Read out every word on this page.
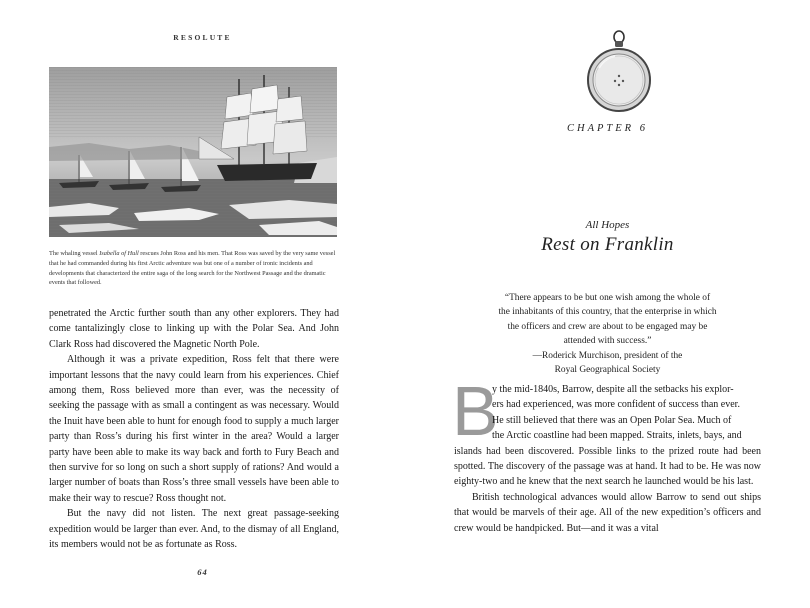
RESOLUTE
The whaling vessel Isabella of Hull rescues John Ross and his men. That Ross was saved by the very same vessel that he had commanded during his first Arctic adventure was but one of a number of ironic incidents and developments that characterized the entire saga of the long search for the Northwest Passage and the dramatic events that followed.

penetrated the Arctic further south than any other explorers. They had come tantalizingly close to linking up with the Polar Sea. And John Clark Ross had discovered the Magnetic North Pole.

Although it was a private expedition, Ross felt that there were important lessons that the navy could learn from his experiences. Chief among them, Ross believed more than ever, was the necessity of seeking the passage with as small a contingent as was necessary. Would the Inuit have been able to hunt for enough food to supply a much larger party than Ross’s during his first winter in the area? Would a larger party have been able to make its way back and forth to Fury Beach and then survive for so long on such a short supply of rations? And would a larger number of boats than Ross’s three small vessels have been able to make their way to rescue? Ross thought not.

But the navy did not listen. The next great passage-seeking expedition would be larger than ever. And, to the dismay of all England, its members would not be as fortunate as Ross.

64
CHAPTER 6
All Hopes
Rest on Franklin
“There appears to be but one wish among the whole of
the inhabitants of this country, that the enterprise in which
the officers and crew are about to be engaged may be
attended with success.”
—Roderick Murchison, president of the
Royal Geographical Society
B
y the mid-1840s, Barrow, despite all the setbacks his explor-
ers had experienced, was more confident of success than ever.
He still believed that there was an Open Polar Sea. Much of
the Arctic coastline had been mapped. Straits, inlets, bays, and

islands had been discovered. Possible links to the prized route had been spotted. The discovery of the passage was at hand. It had to be. He was now eighty-two and he knew that the next search he launched would be his last.

British technological advances would allow Barrow to send out ships that would be marvels of their age. All of the new expedition’s officers and crew would be handpicked. But—and it was a vital
